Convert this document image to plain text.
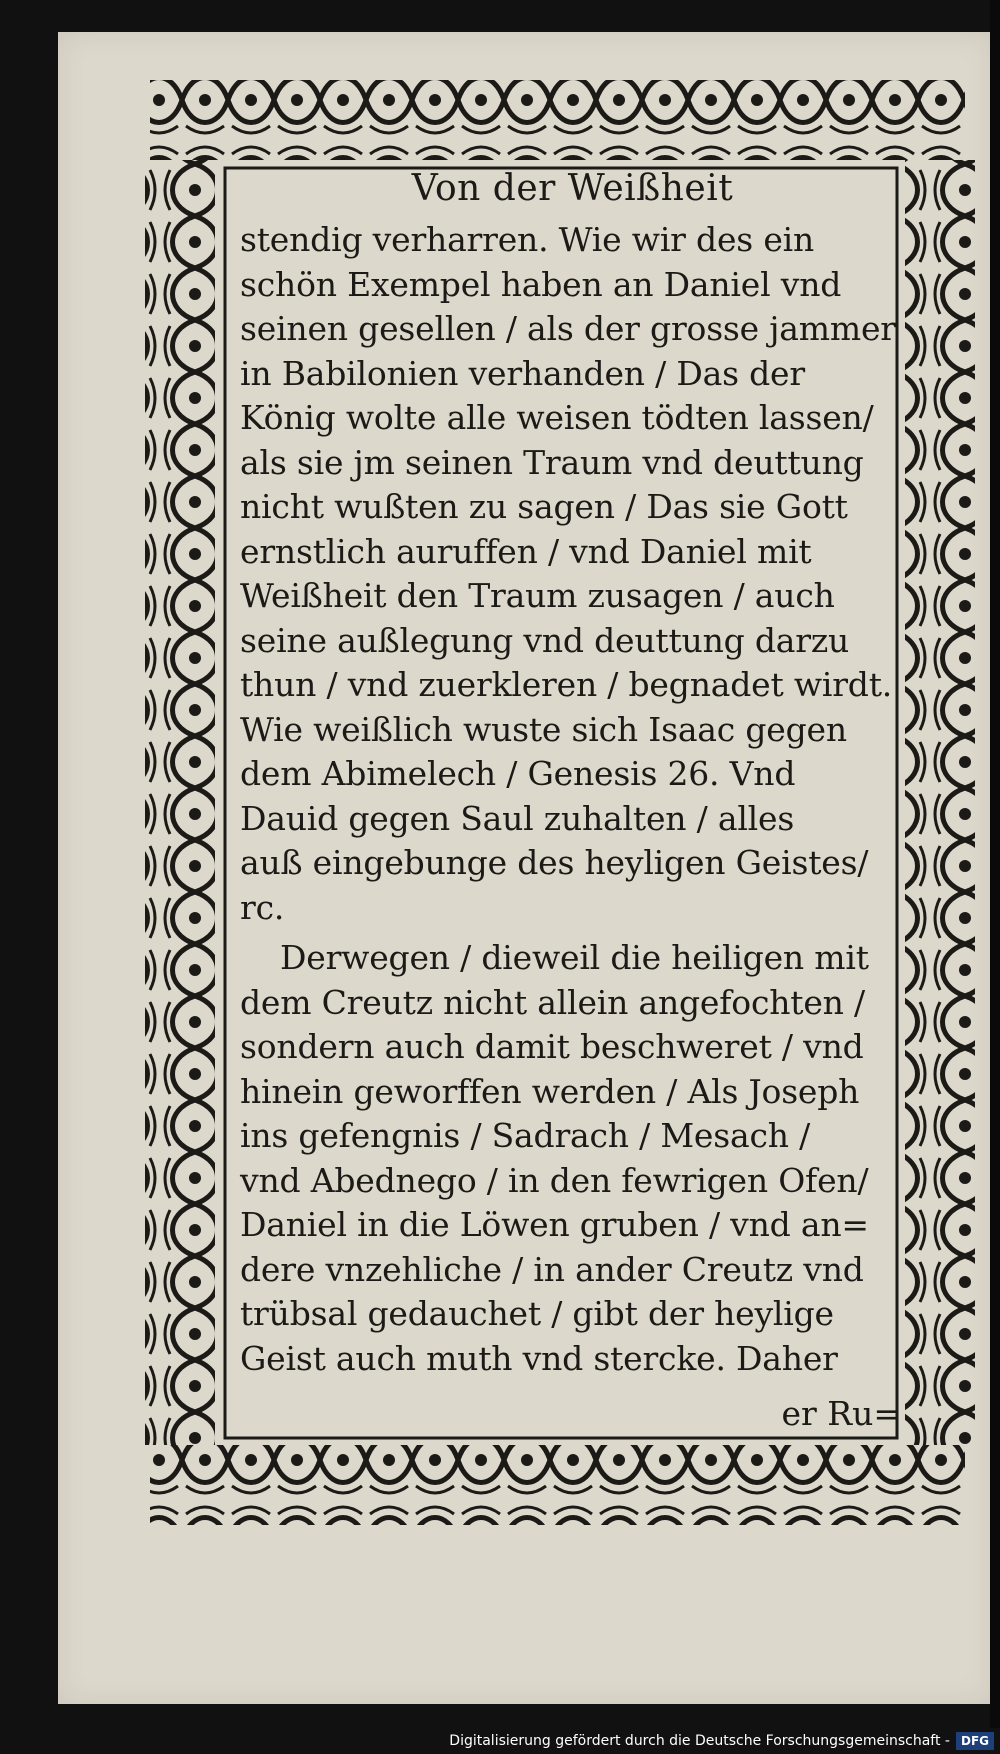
Von der Weißheit
stendig verharren. Wie wir des ein
schön Exempel haben an Daniel vnd
seinen gesellen / als der grosse jammer
in Babilonien verhanden / Das der
König wolte alle weisen tödten lassen/
als sie jm seinen Traum vnd deuttung
nicht wußten zu sagen / Das sie Gott
ernstlich auruffen / vnd Daniel mit
Weißheit den Traum zusagen / auch
seine außlegung vnd deuttung darzu
thun / vnd zuerkleren / begnadet wirdt.
Wie weißlich wuste sich Isaac gegen
dem Abimelech / Genesis 26. Vnd
Dauid gegen Saul zuhalten / alles
auß eingebunge des heyligen Geistes/
rc.
Derwegen / dieweil die heiligen mit
dem Creutz nicht allein angefochten /
sondern auch damit beschweret / vnd
hinein geworffen werden / Als Joseph
ins gefengnis / Sadrach / Mesach /
vnd Abednego / in den fewrigen Ofen/
Daniel in die Löwen gruben / vnd an=
dere vnzehliche / in ander Creutz vnd
trübsal gedauchet / gibt der heylige
Geist auch muth vnd stercke. Daher
er Ru=
Digitalisierung gefördert durch die Deutsche Forschungsgemeinschaft - DFG
